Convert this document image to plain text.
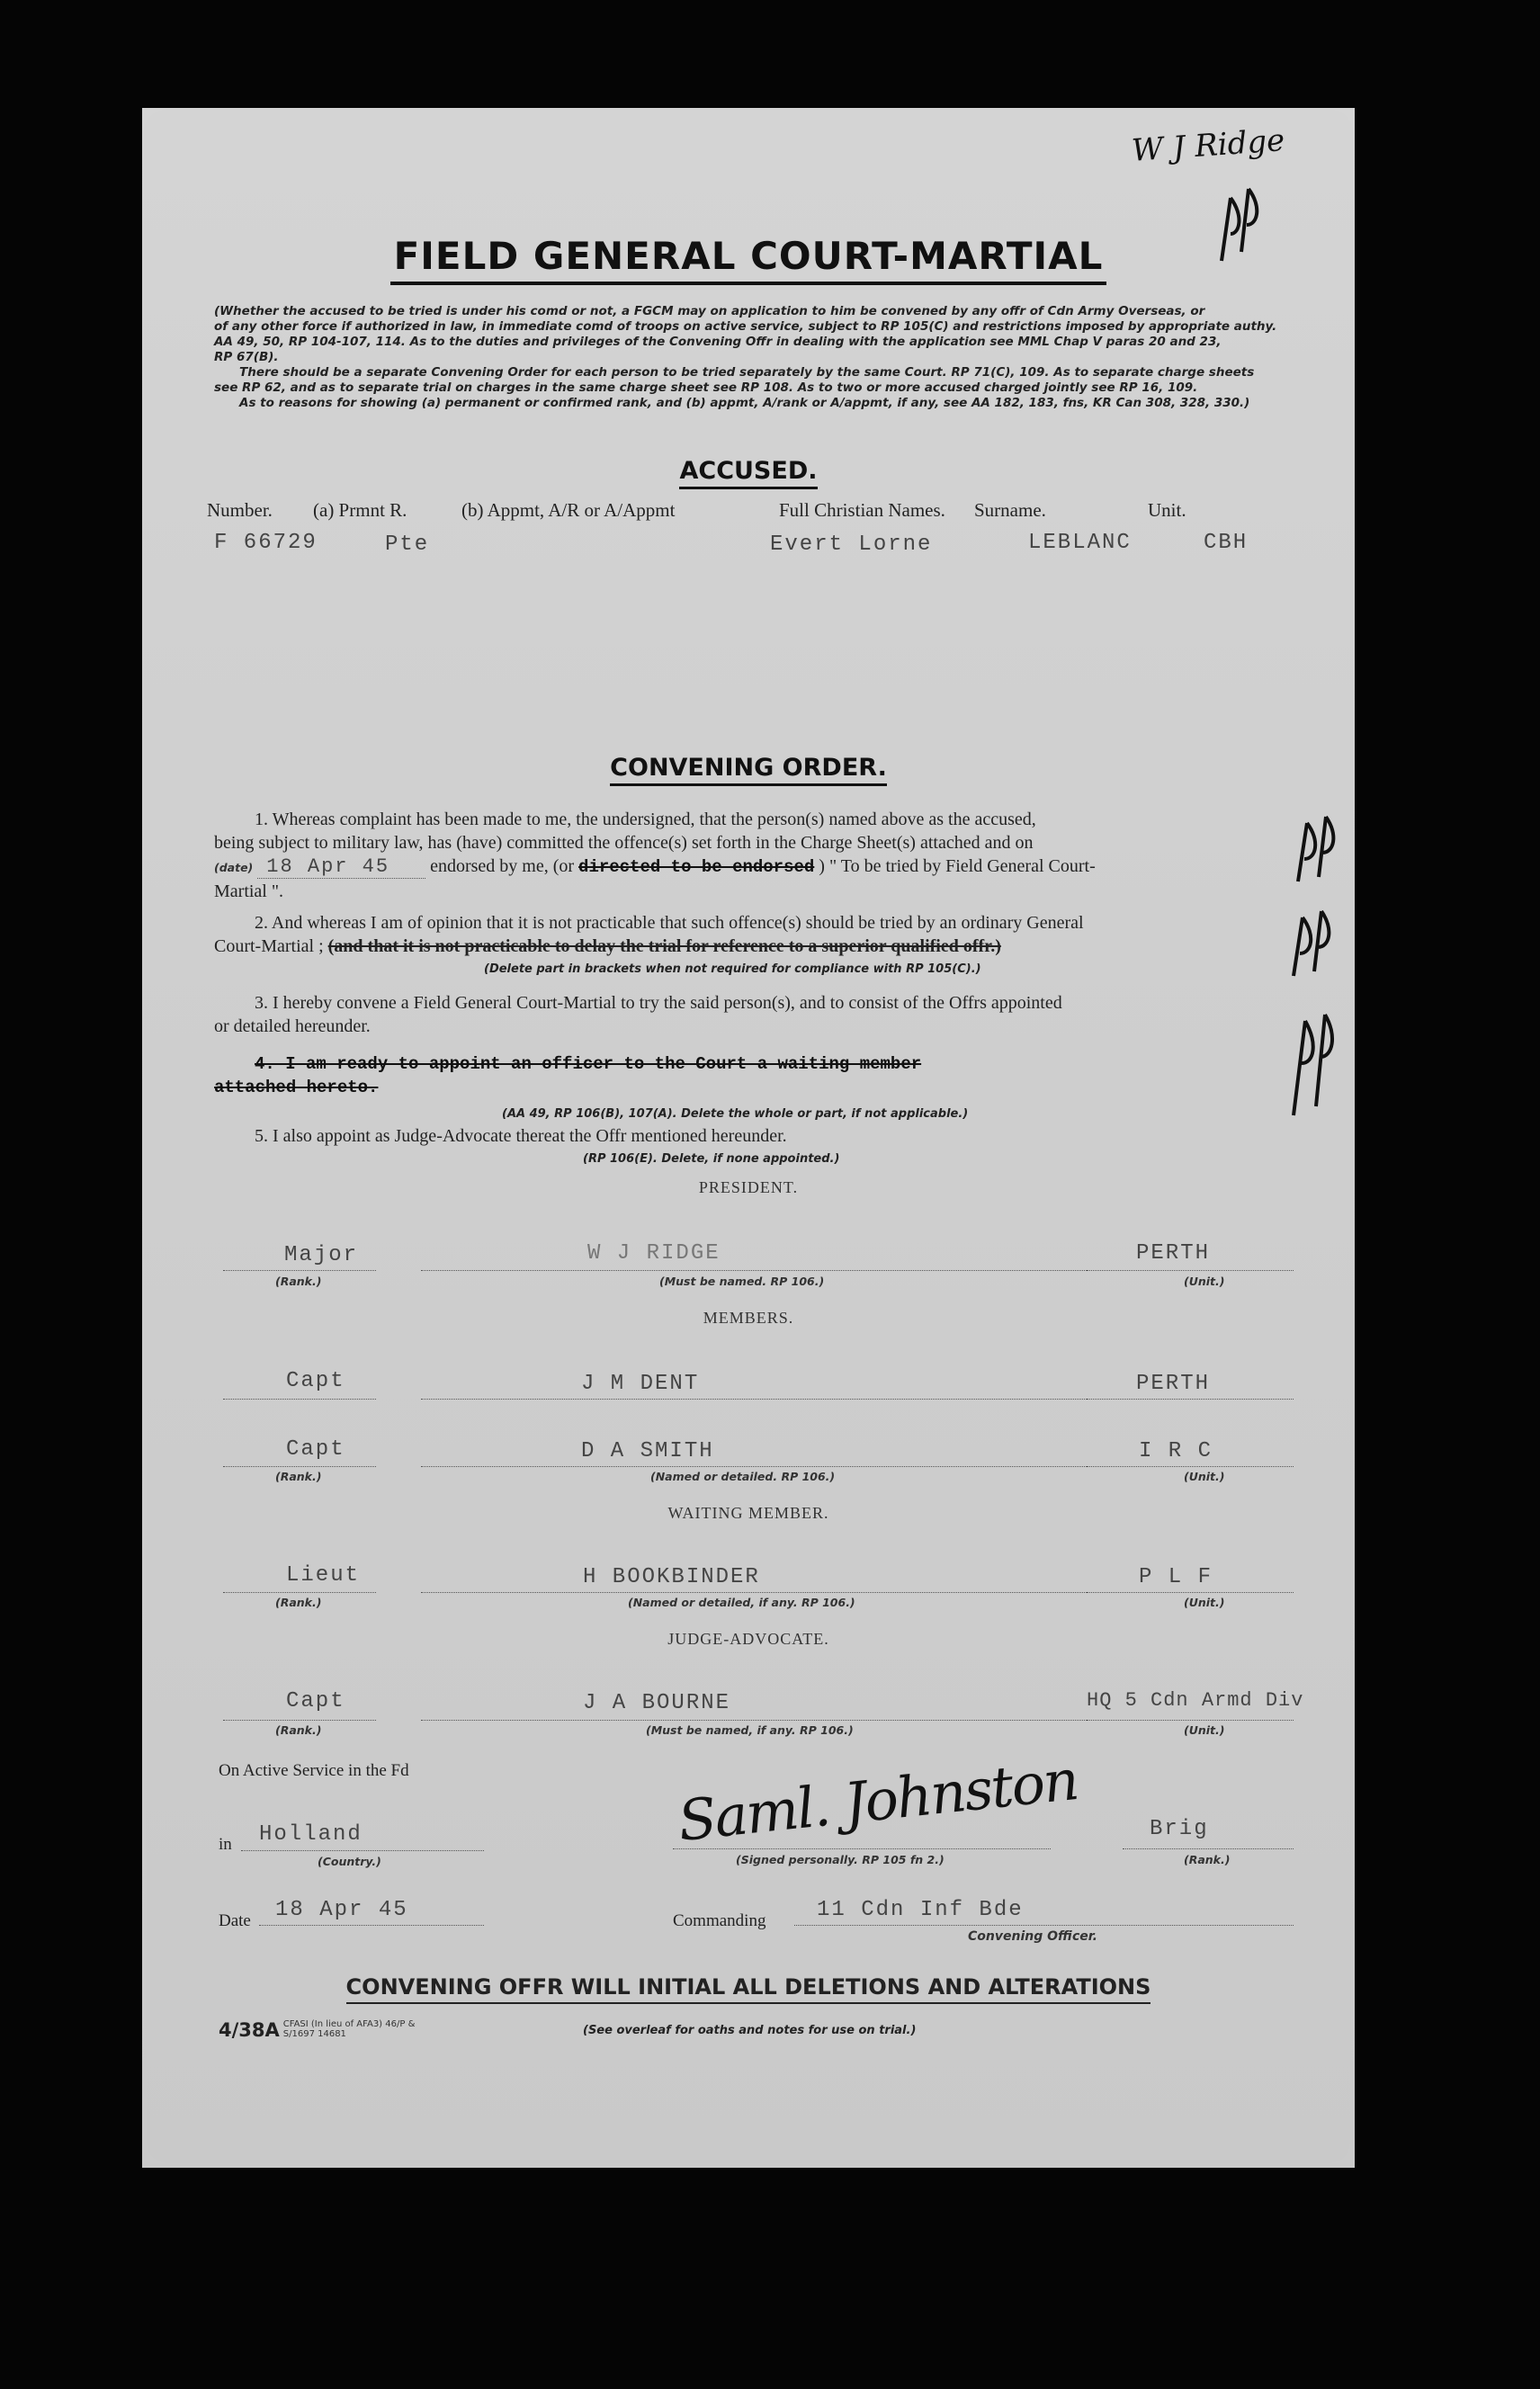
W J Ridge
FIELD GENERAL COURT-MARTIAL
(Whether the accused to be tried is under his comd or not, a FGCM may on application to him be convened by any offr of Cdn Army Overseas, or
of any other force if authorized in law, in immediate comd of troops on active service, subject to RP 105(C) and restrictions imposed by appropriate authy.
AA 49, 50, RP 104-107, 114. As to the duties and privileges of the Convening Offr in dealing with the application see MML Chap V paras 20 and 23,
RP 67(B).
There should be a separate Convening Order for each person to be tried separately by the same Court. RP 71(C), 109. As to separate charge sheets
see RP 62, and as to separate trial on charges in the same charge sheet see RP 108. As to two or more accused charged jointly see RP 16, 109.
As to reasons for showing (a) permanent or confirmed rank, and (b) appmt, A/rank or A/appmt, if any, see AA 182, 183, fns, KR Can 308, 328, 330.)
ACCUSED.
Number. (a) Prmnt R.	(b) Appmt, A/R or A/Appmt	Full Christian Names. Surname.	Unit.
F 66729	Pte	Evert Lorne	LEBLANC	CBH
CONVENING ORDER.
1. Whereas complaint has been made to me, the undersigned, that the person(s) named above as the accused,
being subject to military law, has (have) committed the offence(s) set forth in the Charge Sheet(s) attached and on
(date) 18 Apr 45 endorsed by me, (or directed to be endorsed ) " To be tried by Field General Court-
Martial ".
2. And whereas I am of opinion that it is not practicable that such offence(s) should be tried by an ordinary General
Court-Martial ; (and that it is not practicable to delay the trial for reference to a superior qualified offr.)
(Delete part in brackets when not required for compliance with RP 105(C).)
3. I hereby convene a Field General Court-Martial to try the said person(s), and to consist of the Offrs appointed
or detailed hereunder.
4. I am ready to appoint an officer to the Court a waiting member
attached hereto.
(AA 49, RP 106(B), 107(A). Delete the whole or part, if not applicable.)
5. I also appoint as Judge-Advocate thereat the Offr mentioned hereunder.
(RP 106(E). Delete, if none appointed.)
PRESIDENT.
Major	W J RIDGE	PERTH
(Rank.)	(Must be named. RP 106.)	(Unit.)
MEMBERS.
Capt	J M DENT	PERTH
Capt	D A SMITH	I R C
(Rank.)	(Named or detailed. RP 106.)	(Unit.)
WAITING MEMBER.
Lieut	H BOOKBINDER	P L F
(Rank.)	(Named or detailed, if any. RP 106.)	(Unit.)
JUDGE-ADVOCATE.
Capt	J A BOURNE	HQ 5 Cdn Armd Div
(Rank.)	(Must be named, if any. RP 106.)	(Unit.)
On Active Service in the Fd
in Holland
(Country.)
Saml. Johnston
(Signed personally. RP 105 fn 2.)
Brig
(Rank.)
Date 18 Apr 45	Commanding 11 Cdn Inf Bde
Convening Officer.
CONVENING OFFR WILL INITIAL ALL DELETIONS AND ALTERATIONS
4/38A CFASI (In lieu of AFA3) 46/P & S/1697 14681	(See overleaf for oaths and notes for use on trial.)
